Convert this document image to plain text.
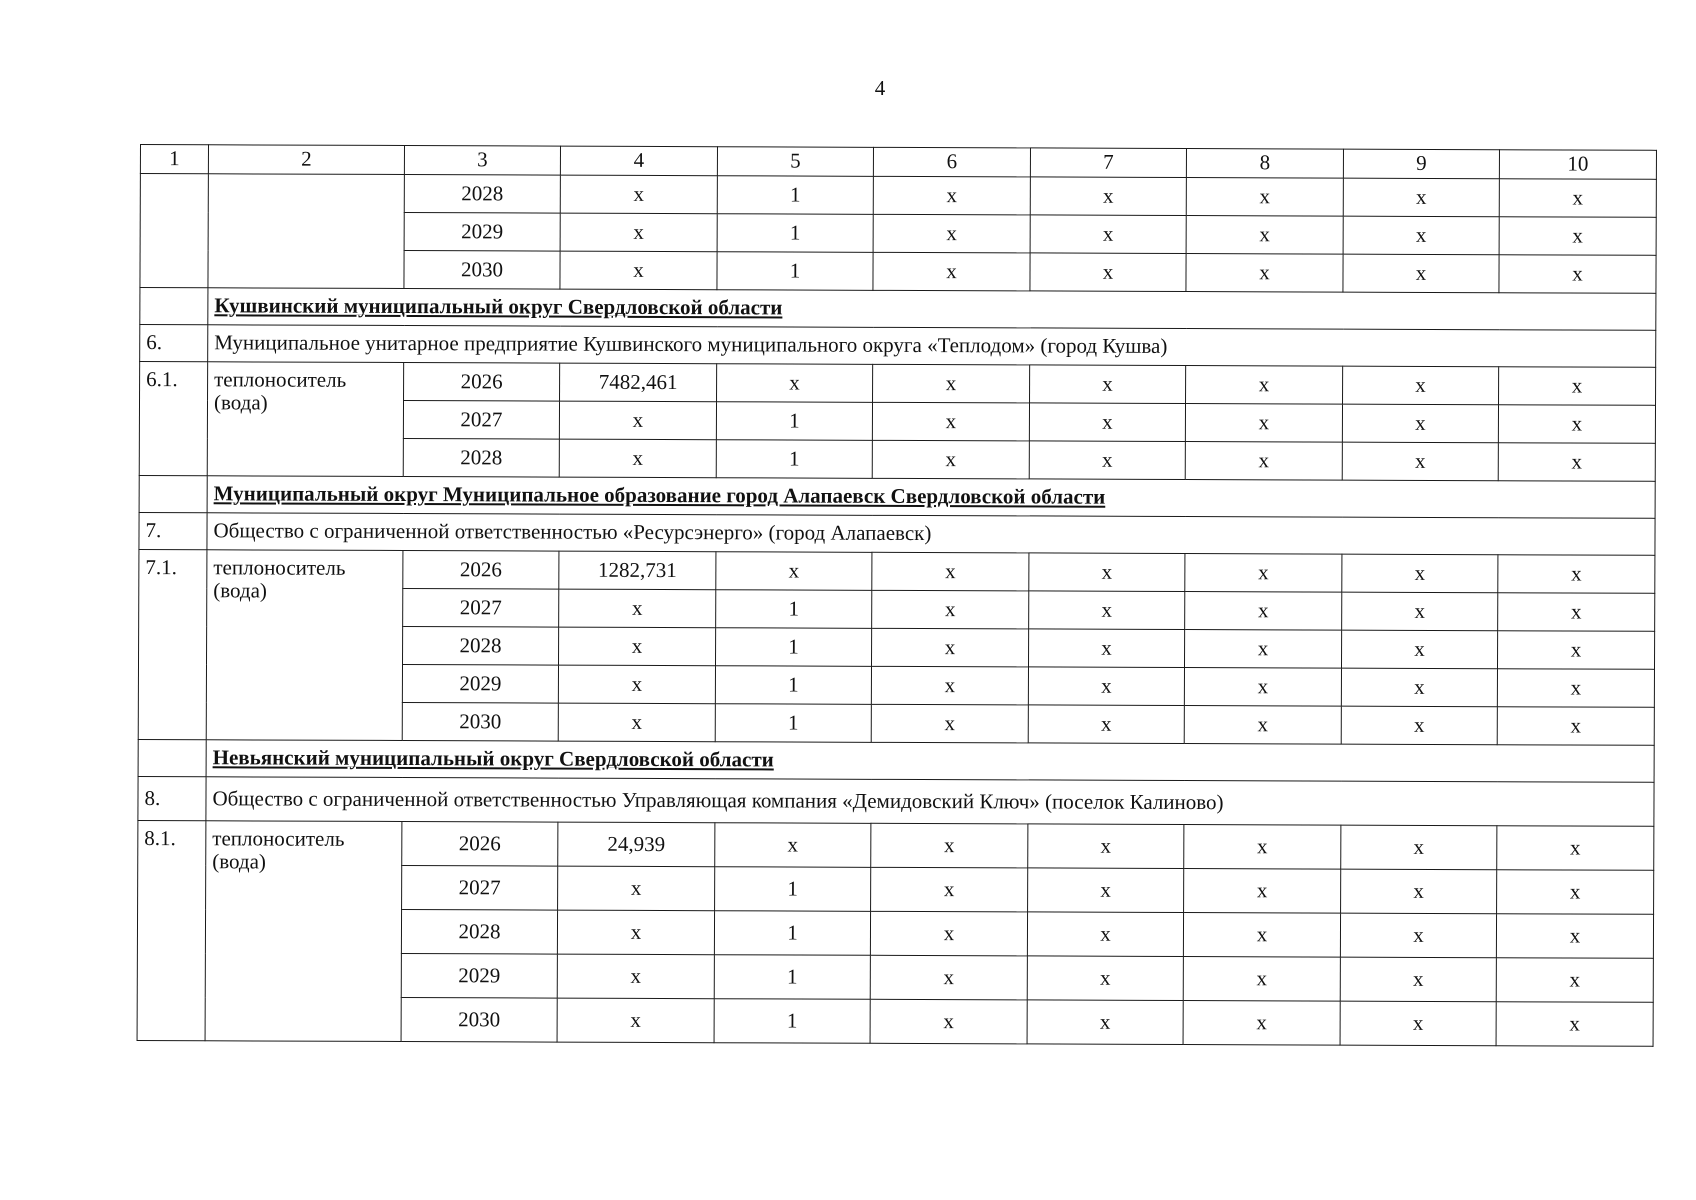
4
1	2	3	4	5	6	7	8	9	10
		2028	х	1	х	х	х	х	х
		2029	х	1	х	х	х	х	х
		2030	х	1	х	х	х	х	х
	Кушвинский муниципальный округ Свердловской области								
6.	Муниципальное унитарное предприятие Кушвинского муниципального округа «Теплодом» (город Кушва)								
6.1.	теплоноситель (вода)	2026	7482,461	х	х	х	х	х	х
		2027	х	1	х	х	х	х	х
		2028	х	1	х	х	х	х	х
	Муниципальный округ Муниципальное образование город Алапаевск Свердловской области								
7.	Общество с ограниченной ответственностью «Ресурсэнерго» (город Алапаевск)								
7.1.	теплоноситель (вода)	2026	1282,731	х	х	х	х	х	х
		2027	х	1	х	х	х	х	х
		2028	х	1	х	х	х	х	х
		2029	х	1	х	х	х	х	х
		2030	х	1	х	х	х	х	х
	Невьянский муниципальный округ Свердловской области								
8.	Общество с ограниченной ответственностью Управляющая компания «Демидовский Ключ» (поселок Калиново)								
8.1.	теплоноситель (вода)	2026	24,939	х	х	х	х	х	х
		2027	х	1	х	х	х	х	х
		2028	х	1	х	х	х	х	х
		2029	х	1	х	х	х	х	х
		2030	х	1	х	х	х	х	х
